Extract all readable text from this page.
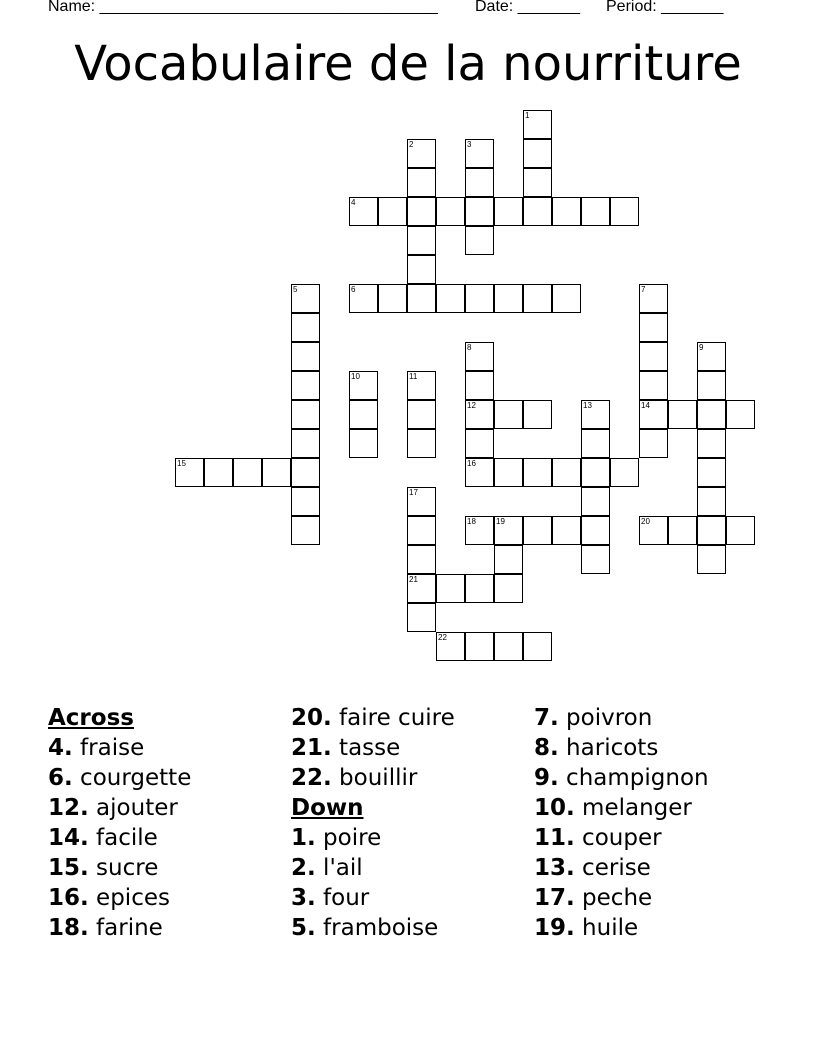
Name: ______________________________________

Date: _______

Period: _______

Vocabulaire de la nourriture
1
2	3
4
5	6	7
14
8
12
16
9
10	11
13
15
17
21
18	19	20
22
Across
4. fraise
6. courgette
12. ajouter
14. facile
15. sucre
16. epices
18. farine
20. faire cuire
21. tasse
22. bouillir
Down
1. poire
2. l'ail
3. four
5. framboise
7. poivron
8. haricots
9. champignon
10. melanger
11. couper
13. cerise
17. peche
19. huile
